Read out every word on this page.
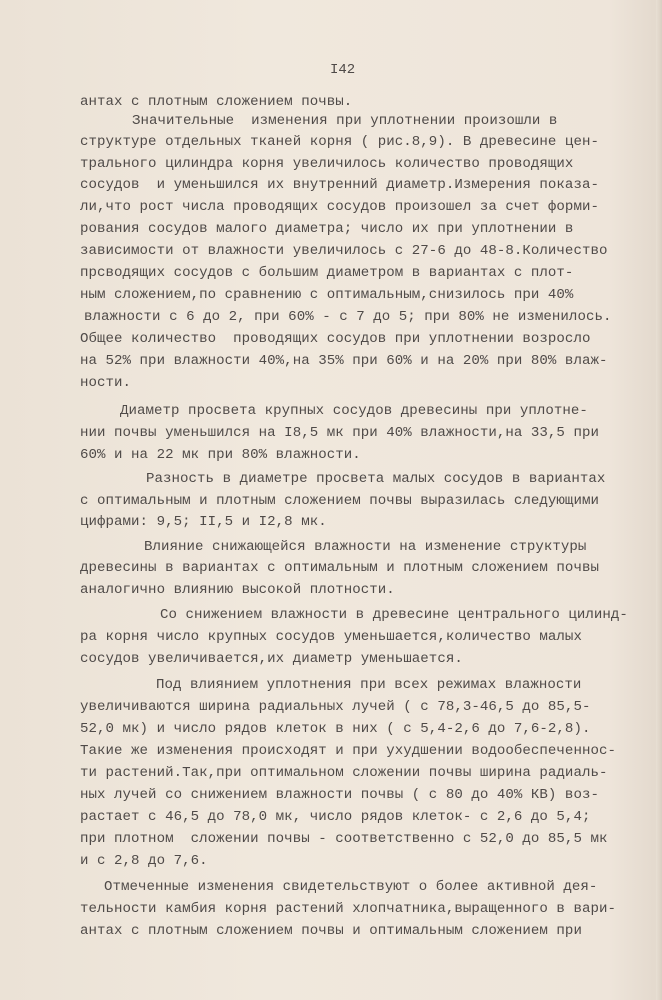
I42
антах с плотным сложением почвы.
Значительные  изменения при уплотнении произошли в
структуре отдельных тканей корня ( рис.8,9). В древесине цен-
трального цилиндра корня увеличилось количество проводящих
сосудов  и уменьшился их внутренний диаметр.Измерения показа-
ли,что рост числа проводящих сосудов произошел за счет форми-
рования сосудов малого диаметра; число их при уплотнении в
зависимости от влажности увеличилось с 27-6 до 48-8.Количество
прсводящих сосудов с большим диаметром в вариантах с плот-
ным сложением,по сравнению с оптимальным,снизилось при 40%
влажности с 6 до 2, при 60% - с 7 до 5; при 80% не изменилось.
Общее количество  проводящих сосудов при уплотнении возросло
на 52% при влажности 40%,на 35% при 60% и на 20% при 80% влаж-
ности.
Диаметр просвета крупных сосудов древесины при уплотне-
нии почвы уменьшился на I8,5 мк при 40% влажности,на 33,5 при
60% и на 22 мк при 80% влажности.
Разность в диаметре просвета малых сосудов в вариантах
с оптимальным и плотным сложением почвы выразилась следующими
цифрами: 9,5; II,5 и I2,8 мк.
Влияние снижающейся влажности на изменение структуры
древесины в вариантах с оптимальным и плотным сложением почвы
аналогично влиянию высокой плотности.
Со снижением влажности в древесине центрального цилинд-
ра корня число крупных сосудов уменьшается,количество малых
сосудов увеличивается,их диаметр уменьшается.
Под влиянием уплотнения при всех режимах влажности
увеличиваются ширина радиальных лучей ( с 78,3-46,5 до 85,5-
52,0 мк) и число рядов клеток в них ( с 5,4-2,6 до 7,6-2,8).
Такие же изменения происходят и при ухудшении водообеспеченнос-
ти растений.Так,при оптимальном сложении почвы ширина радиаль-
ных лучей со снижением влажности почвы ( с 80 до 40% КВ) воз-
растает с 46,5 до 78,0 мк, число рядов клеток- с 2,6 до 5,4;
при плотном  сложении почвы - соответственно с 52,0 до 85,5 мк
и с 2,8 до 7,6.
Отмеченные изменения свидетельствуют о более активной дея-
тельности камбия корня растений хлопчатника,выращенного в вари-
антах с плотным сложением почвы и оптимальным сложением при
